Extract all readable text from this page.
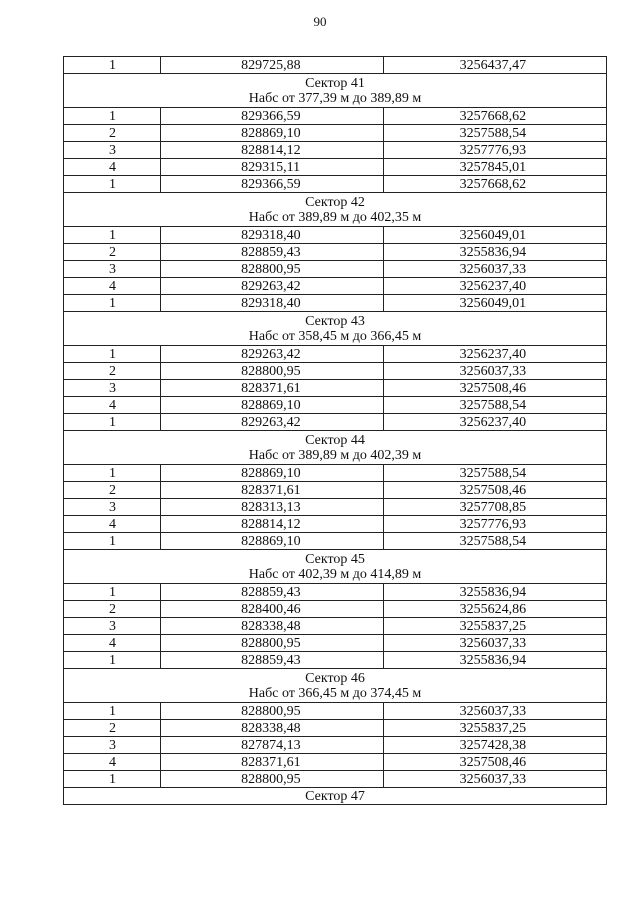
90
1	829725,88	3256437,47

Сектор 41
Набс от 377,39 м до 389,89 м		

1	829366,59	3257668,62
2	828869,10	3257588,54
3	828814,12	3257776,93
4	829315,11	3257845,01
1	829366,59	3257668,62

Сектор 42
Набс от 389,89 м до 402,35 м		

1	829318,40	3256049,01
2	828859,43	3255836,94
3	828800,95	3256037,33
4	829263,42	3256237,40
1	829318,40	3256049,01

Сектор 43
Набс от 358,45 м до 366,45 м		

1	829263,42	3256237,40
2	828800,95	3256037,33
3	828371,61	3257508,46
4	828869,10	3257588,54
1	829263,42	3256237,40

Сектор 44
Набс от 389,89 м до 402,39 м		

1	828869,10	3257588,54
2	828371,61	3257508,46
3	828313,13	3257708,85
4	828814,12	3257776,93
1	828869,10	3257588,54

Сектор 45
Набс от 402,39 м до 414,89 м		

1	828859,43	3255836,94
2	828400,46	3255624,86
3	828338,48	3255837,25
4	828800,95	3256037,33
1	828859,43	3255836,94

Сектор 46
Набс от 366,45 м до 374,45 м		

1	828800,95	3256037,33
2	828338,48	3255837,25
3	827874,13	3257428,38
4	828371,61	3257508,46
1	828800,95	3256037,33
Сектор 47		
